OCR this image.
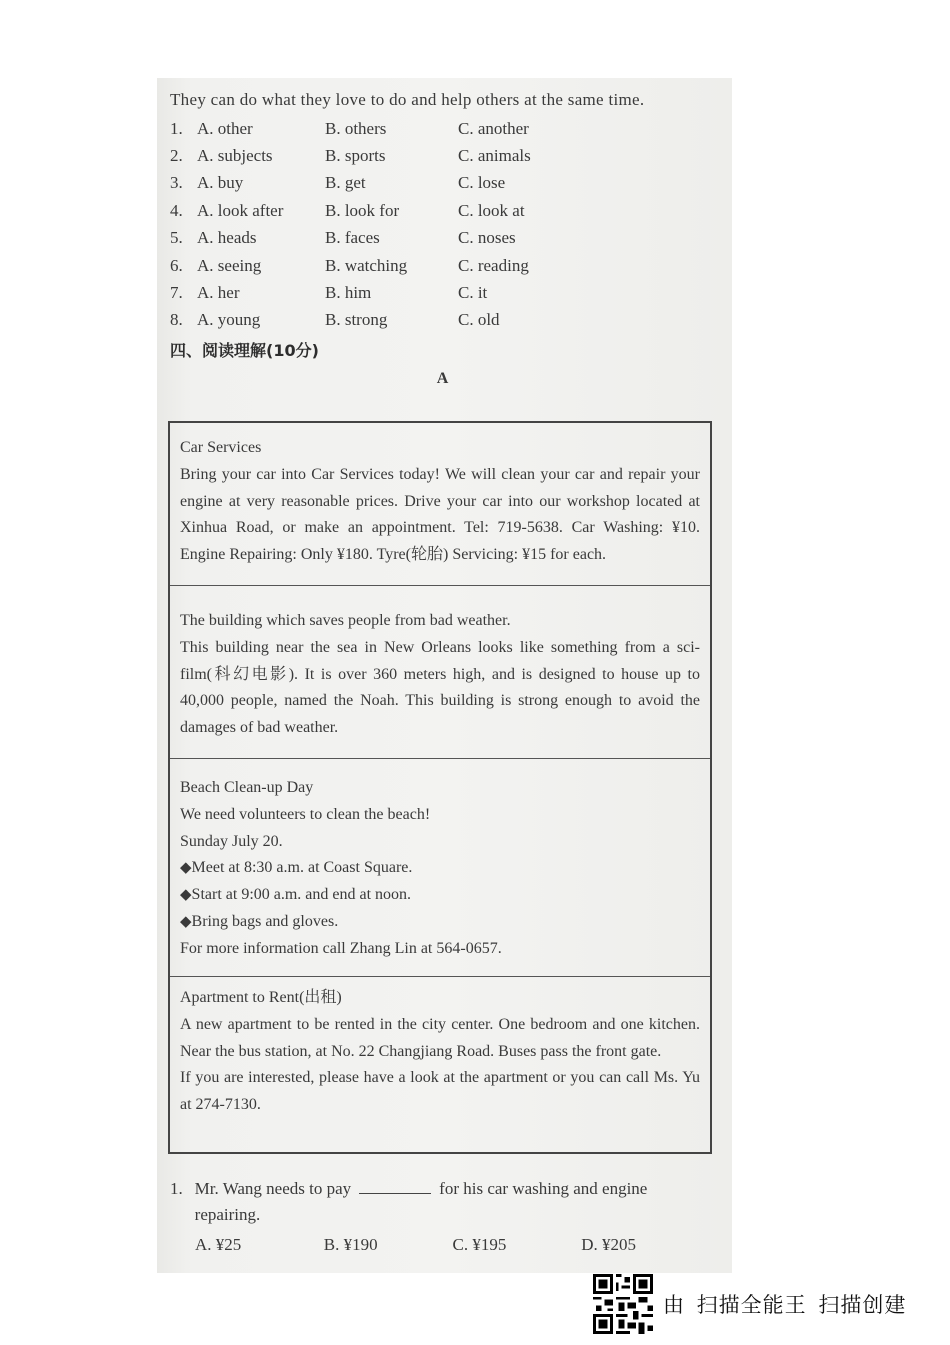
They can do what they love to do and help others at the same time.
1. A. other	B. others	C. another
2. A. subjects	B. sports	C. animals
3. A. buy	B. get	C. lose
4. A. look after	B. look for	C. look at
5. A. heads	B. faces	C. noses
6. A. seeing	B. watching	C. reading
7. A. her	B. him	C. it
8. A. young	B. strong	C. old
四、阅读理解(10分)
A

Car Services

Bring your car into Car Services today! We will clean your car and repair your engine at very reasonable prices. Drive your car into our workshop located at Xinhua Road, or make an appointment. Tel: 719-5638. Car Washing: ¥10. Engine Repairing: Only ¥180. Tyre(轮胎) Servicing: ¥15 for each.

The building which saves people from bad weather.

This building near the sea in New Orleans looks like something from a sci-film(科幻电影). It is over 360 meters high, and is designed to house up to 40,000 people, named the Noah. This building is strong enough to avoid the damages of bad weather.

Beach Clean-up Day

We need volunteers to clean the beach!

Sunday July 20.

◆Meet at 8:30 a.m. at Coast Square.

◆Start at 9:00 a.m. and end at noon.

◆Bring bags and gloves.

For more information call Zhang Lin at 564-0657.

Apartment to Rent(出租)

A new apartment to be rented in the city center. One bedroom and one kitchen. Near the bus station, at No. 22 Changjiang Road. Buses pass the front gate.

If you are interested, please have a look at the apartment or you can call Ms. Yu at 274-7130.

1. Mr. Wang needs to pay	for his car washing and engine repairing.
A. ¥25	B. ¥190	C. ¥195	D. ¥205
由 扫描全能王 扫描创建
